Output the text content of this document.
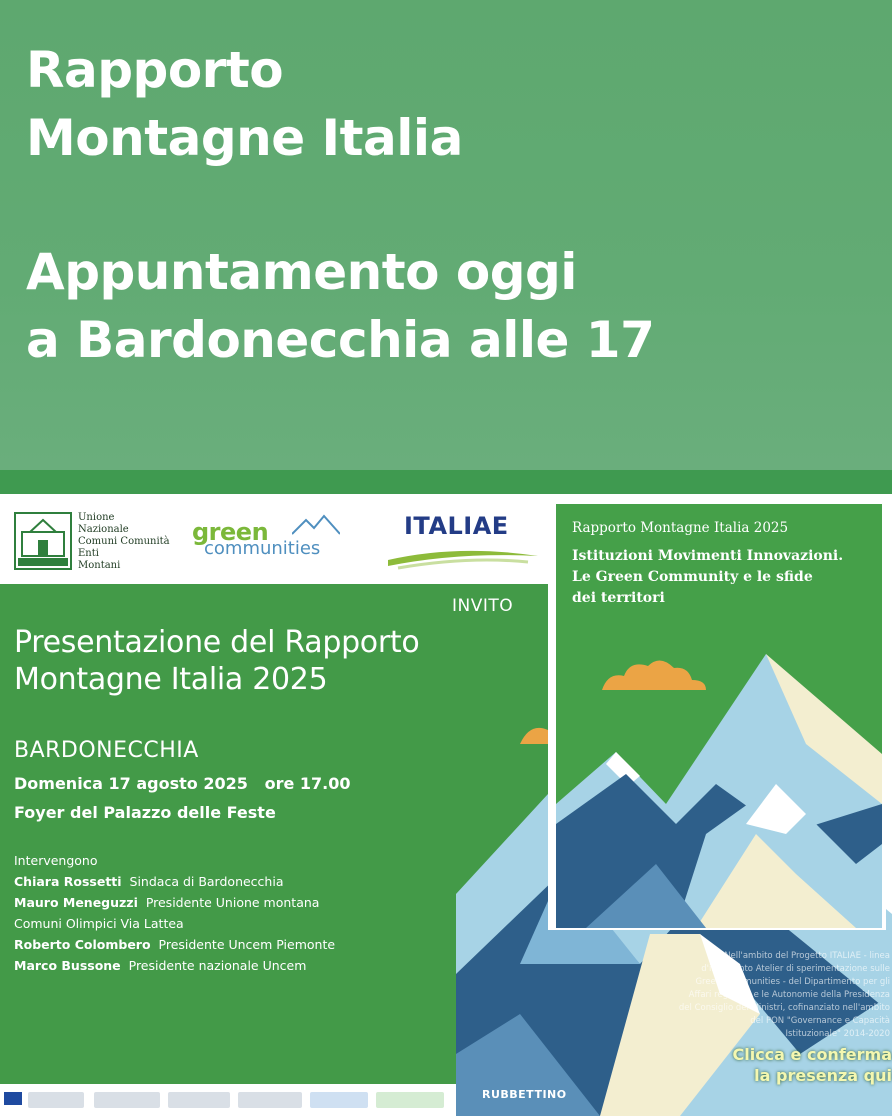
Rapporto
Montagne Italia
Appuntamento oggi
a Bardonecchia alle 17
Unione
Nazionale
Comuni Comunità
Enti
Montani
green
communities
ITALIAE
INVITO
Presentazione del Rapporto
Montagne Italia 2025
BARDONECCHIA
Domenica 17 agosto 2025   ore 17.00
Foyer del Palazzo delle Feste
Intervengono
Chiara Rossetti Sindaca di Bardonecchia
Mauro Meneguzzi Presidente Unione montana
Comuni Olimpici Via Lattea
Roberto Colombero Presidente Uncem Piemonte
Marco Bussone Presidente nazionale Uncem
Rapporto Montagne Italia 2025
Istituzioni Movimenti Innovazioni.
Le Green Community e le sfide
dei territori
Nell'ambito del Progetto ITALIAE - linea
d'intervento Atelier di sperimentazione sulle
Green Communities - del Dipartimento per gli
Affari regionali e le Autonomie della Presidenza
del Consiglio dei Ministri, cofinanziato nell'ambito
del PON "Governance e Capacità
Istituzionale" 2014-2020
Clicca e conferma
la presenza qui
RUBBETTINO
